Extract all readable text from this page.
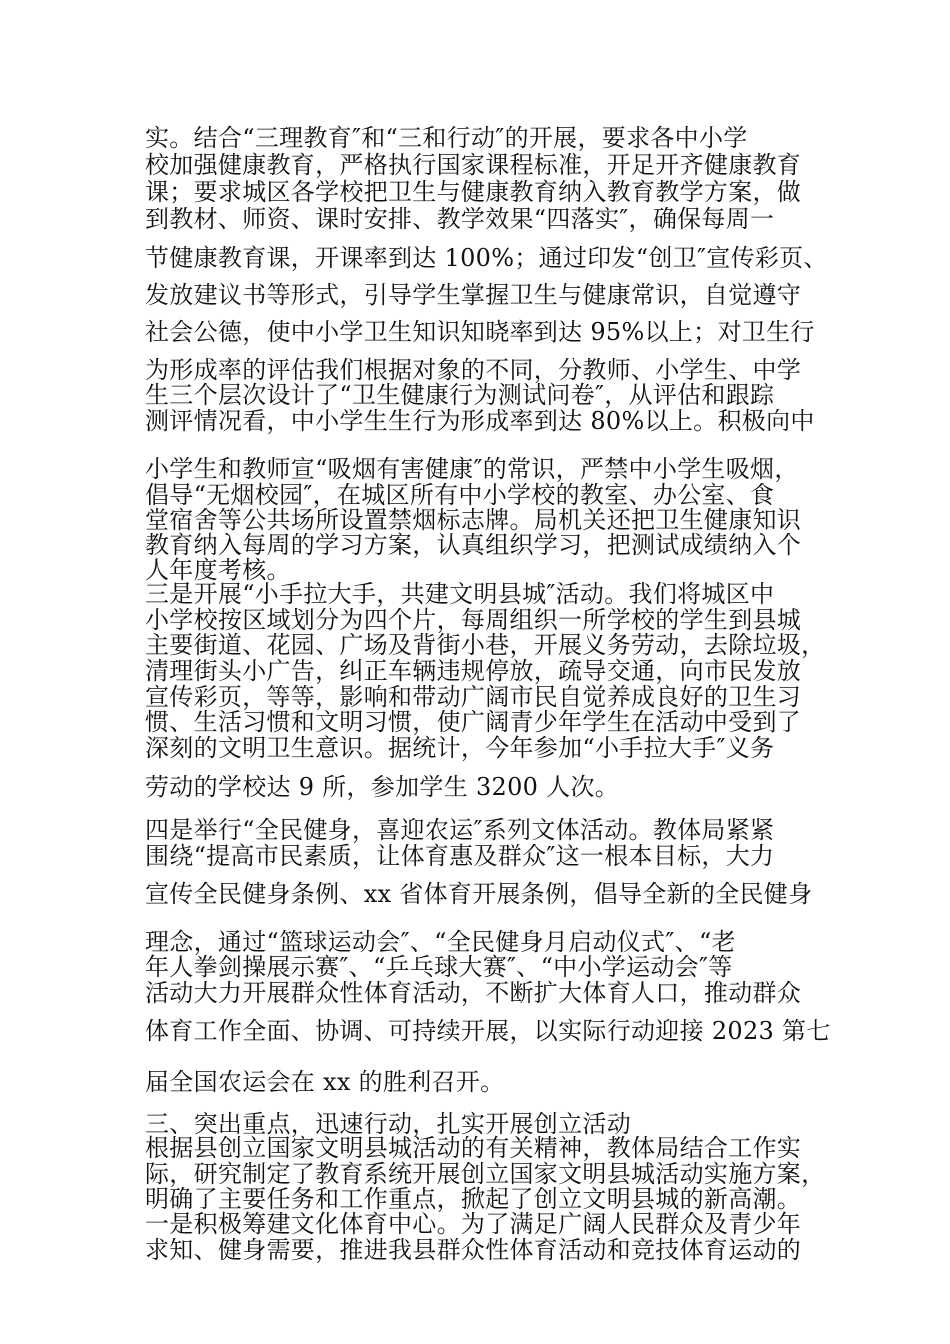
实。结合“三理教育″和“三和行动″的开展，要求各中小学
校加强健康教育，严格执行国家课程标准，开足开齐健康教育
课；要求城区各学校把卫生与健康教育纳入教育教学方案，做
到教材、师资、课时安排、教学效果“四落实″，确保每周一
节健康教育课，开课率到达 100%；通过印发“创卫″宣传彩页、
发放建议书等形式，引导学生掌握卫生与健康常识，自觉遵守
社会公德，使中小学卫生知识知晓率到达 95%以上；对卫生行
为形成率的评估我们根据对象的不同，分教师、小学生、中学
生三个层次设计了“卫生健康行为测试问卷″，从评估和跟踪
测评情况看，中小学生生行为形成率到达 80%以上。积极向中
小学生和教师宣“吸烟有害健康″的常识，严禁中小学生吸烟，
倡导“无烟校园″，在城区所有中小学校的教室、办公室、食
堂宿舍等公共场所设置禁烟标志牌。局机关还把卫生健康知识
教育纳入每周的学习方案，认真组织学习，把测试成绩纳入个
人年度考核。
三是开展“小手拉大手，共建文明县城″活动。我们将城区中
小学校按区域划分为四个片，每周组织一所学校的学生到县城
主要街道、花园、广场及背街小巷，开展义务劳动，去除垃圾，
清理街头小广告，纠正车辆违规停放，疏导交通，向市民发放
宣传彩页，等等，影响和带动广阔市民自觉养成良好的卫生习
惯、生活习惯和文明习惯，使广阔青少年学生在活动中受到了
深刻的文明卫生意识。据统计，今年参加“小手拉大手″义务
劳动的学校达 9 所，参加学生 3200 人次。
四是举行“全民健身，喜迎农运″系列文体活动。教体局紧紧
围绕“提高市民素质，让体育惠及群众″这一根本目标，大力
宣传全民健身条例、xx 省体育开展条例，倡导全新的全民健身
理念，通过“篮球运动会″、“全民健身月启动仪式″、“老
年人拳剑操展示赛″、“乒乓球大赛″、“中小学运动会″等
活动大力开展群众性体育活动，不断扩大体育人口，推动群众
体育工作全面、协调、可持续开展，以实际行动迎接 2023 第七
届全国农运会在 xx 的胜利召开。
三、突出重点，迅速行动，扎实开展创立活动
根据县创立国家文明县城活动的有关精神，教体局结合工作实
际，研究制定了教育系统开展创立国家文明县城活动实施方案，
明确了主要任务和工作重点，掀起了创立文明县城的新高潮。
一是积极筹建文化体育中心。为了满足广阔人民群众及青少年
求知、健身需要，推进我县群众性体育活动和竞技体育运动的
